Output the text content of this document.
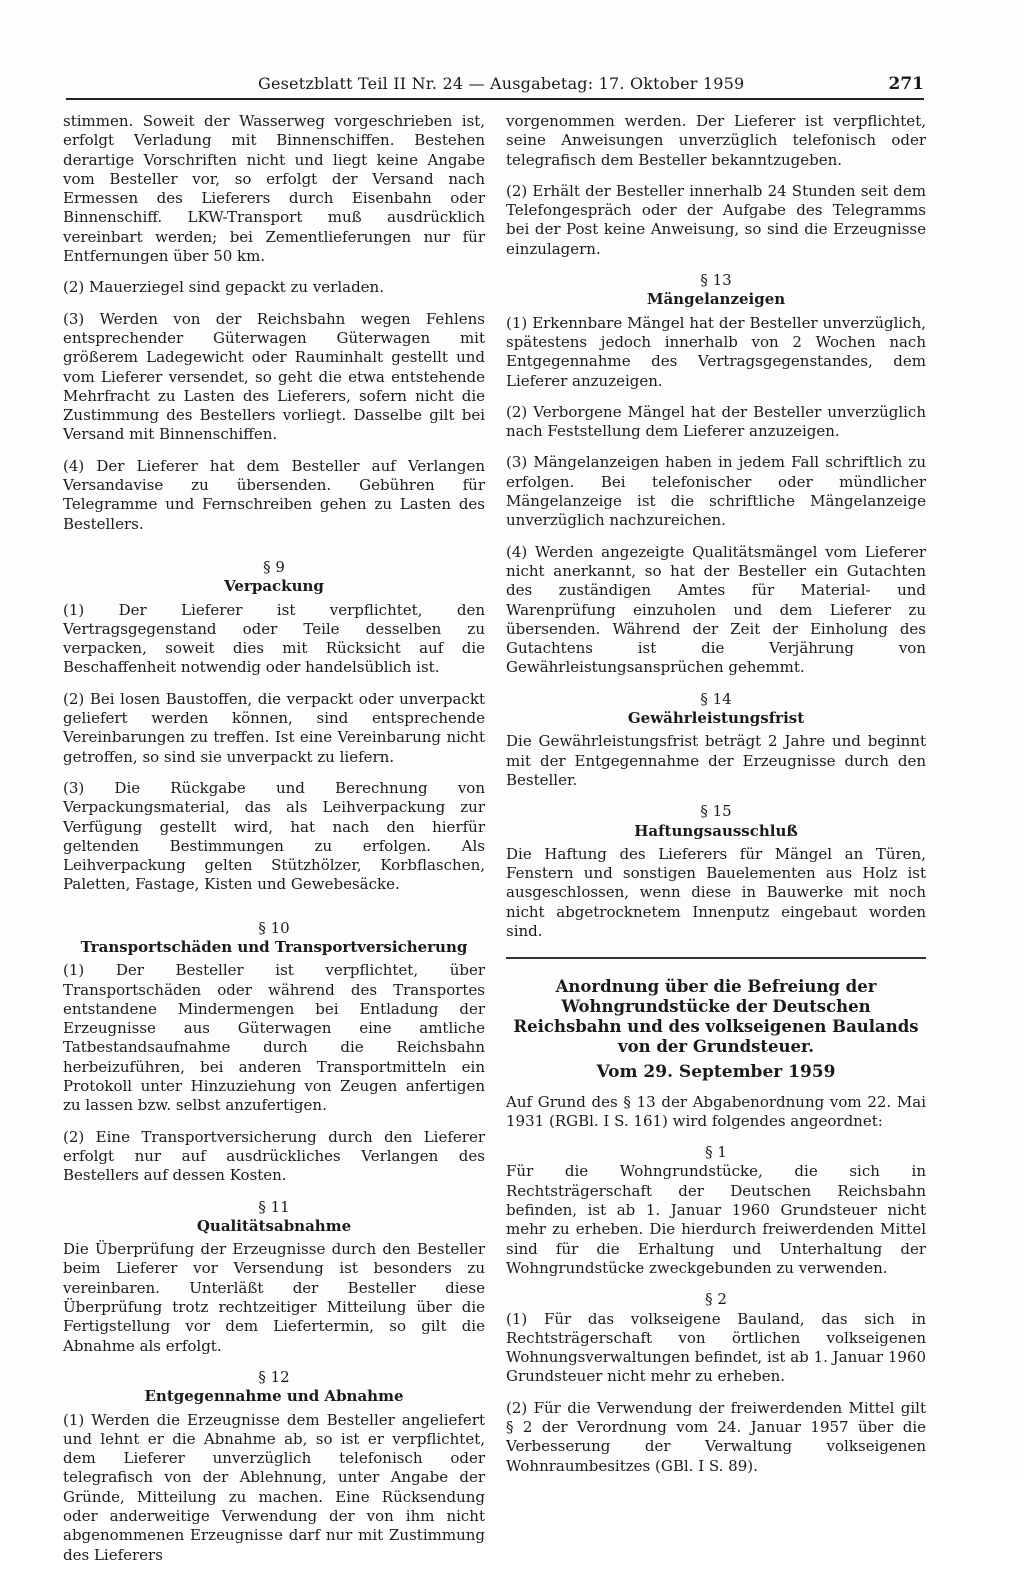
Gesetzblatt Teil II Nr. 24 — Ausgabetag: 17. Oktober 1959	271

stimmen. Soweit der Wasserweg vorgeschrieben ist, erfolgt Verladung mit Binnenschiffen. Bestehen derartige Vorschriften nicht und liegt keine Angabe vom Besteller vor, so erfolgt der Versand nach Ermessen des Lieferers durch Eisenbahn oder Binnenschiff. LKW-Transport muß ausdrücklich vereinbart werden; bei Zementlieferungen nur für Entfernungen über 50 km.

(2) Mauerziegel sind gepackt zu verladen.

(3) Werden von der Reichsbahn wegen Fehlens entsprechender Güterwagen Güterwagen mit größerem Ladegewicht oder Rauminhalt gestellt und vom Lieferer versendet, so geht die etwa entstehende Mehrfracht zu Lasten des Lieferers, sofern nicht die Zustimmung des Bestellers vorliegt. Dasselbe gilt bei Versand mit Binnenschiffen.

(4) Der Lieferer hat dem Besteller auf Verlangen Versandavise zu übersenden. Gebühren für Telegramme und Fernschreiben gehen zu Lasten des Bestellers.

§ 9
Verpackung

(1) Der Lieferer ist verpflichtet, den Vertragsgegenstand oder Teile desselben zu verpacken, soweit dies mit Rücksicht auf die Beschaffenheit notwendig oder handelsüblich ist.

(2) Bei losen Baustoffen, die verpackt oder unverpackt geliefert werden können, sind entsprechende Vereinbarungen zu treffen. Ist eine Vereinbarung nicht getroffen, so sind sie unverpackt zu liefern.

(3) Die Rückgabe und Berechnung von Verpackungsmaterial, das als Leihverpackung zur Verfügung gestellt wird, hat nach den hierfür geltenden Bestimmungen zu erfolgen. Als Leihverpackung gelten Stützhölzer, Korbflaschen, Paletten, Fastage, Kisten und Gewebesäcke.

§ 10
Transportschäden und Transportversicherung

(1) Der Besteller ist verpflichtet, über Transportschäden oder während des Transportes entstandene Mindermengen bei Entladung der Erzeugnisse aus Güterwagen eine amtliche Tatbestandsaufnahme durch die Reichsbahn herbeizuführen, bei anderen Transportmitteln ein Protokoll unter Hinzuziehung von Zeugen anfertigen zu lassen bzw. selbst anzufertigen.

(2) Eine Transportversicherung durch den Lieferer erfolgt nur auf ausdrückliches Verlangen des Bestellers auf dessen Kosten.

§ 11
Qualitätsabnahme

Die Überprüfung der Erzeugnisse durch den Besteller beim Lieferer vor Versendung ist besonders zu vereinbaren. Unterläßt der Besteller diese Überprüfung trotz rechtzeitiger Mitteilung über die Fertigstellung vor dem Liefertermin, so gilt die Abnahme als erfolgt.

§ 12
Entgegennahme und Abnahme

(1) Werden die Erzeugnisse dem Besteller angeliefert und lehnt er die Abnahme ab, so ist er verpflichtet, dem Lieferer unverzüglich telefonisch oder telegrafisch von der Ablehnung, unter Angabe der Gründe, Mitteilung zu machen. Eine Rücksendung oder anderweitige Verwendung der von ihm nicht abgenommenen Erzeugnisse darf nur mit Zustimmung des Lieferers

vorgenommen werden. Der Lieferer ist verpflichtet, seine Anweisungen unverzüglich telefonisch oder telegrafisch dem Besteller bekanntzugeben.

(2) Erhält der Besteller innerhalb 24 Stunden seit dem Telefongespräch oder der Aufgabe des Telegramms bei der Post keine Anweisung, so sind die Erzeugnisse einzulagern.

§ 13
Mängelanzeigen

(1) Erkennbare Mängel hat der Besteller unverzüglich, spätestens jedoch innerhalb von 2 Wochen nach Entgegennahme des Vertragsgegenstandes, dem Lieferer anzuzeigen.

(2) Verborgene Mängel hat der Besteller unverzüglich nach Feststellung dem Lieferer anzuzeigen.

(3) Mängelanzeigen haben in jedem Fall schriftlich zu erfolgen. Bei telefonischer oder mündlicher Mängelanzeige ist die schriftliche Mängelanzeige unverzüglich nachzureichen.

(4) Werden angezeigte Qualitätsmängel vom Lieferer nicht anerkannt, so hat der Besteller ein Gutachten des zuständigen Amtes für Material- und Warenprüfung einzuholen und dem Lieferer zu übersenden. Während der Zeit der Einholung des Gutachtens ist die Verjährung von Gewährleistungsansprüchen gehemmt.

§ 14
Gewährleistungsfrist

Die Gewährleistungsfrist beträgt 2 Jahre und beginnt mit der Entgegennahme der Erzeugnisse durch den Besteller.

§ 15
Haftungsausschluß

Die Haftung des Lieferers für Mängel an Türen, Fenstern und sonstigen Bauelementen aus Holz ist ausgeschlossen, wenn diese in Bauwerke mit noch nicht abgetrocknetem Innenputz eingebaut worden sind.

Anordnung über die Befreiung der Wohngrundstücke der Deutschen Reichsbahn und des volkseigenen Baulands von der Grundsteuer.
Vom 29. September 1959

Auf Grund des § 13 der Abgabenordnung vom 22. Mai 1931 (RGBl. I S. 161) wird folgendes angeordnet:

§ 1

Für die Wohngrundstücke, die sich in Rechtsträgerschaft der Deutschen Reichsbahn befinden, ist ab 1. Januar 1960 Grundsteuer nicht mehr zu erheben. Die hierdurch freiwerdenden Mittel sind für die Erhaltung und Unterhaltung der Wohngrundstücke zweckgebunden zu verwenden.

§ 2

(1) Für das volkseigene Bauland, das sich in Rechtsträgerschaft von örtlichen volkseigenen Wohnungsverwaltungen befindet, ist ab 1. Januar 1960 Grundsteuer nicht mehr zu erheben.

(2) Für die Verwendung der freiwerdenden Mittel gilt § 2 der Verordnung vom 24. Januar 1957 über die Verbesserung der Verwaltung volkseigenen Wohnraumbesitzes (GBl. I S. 89).
